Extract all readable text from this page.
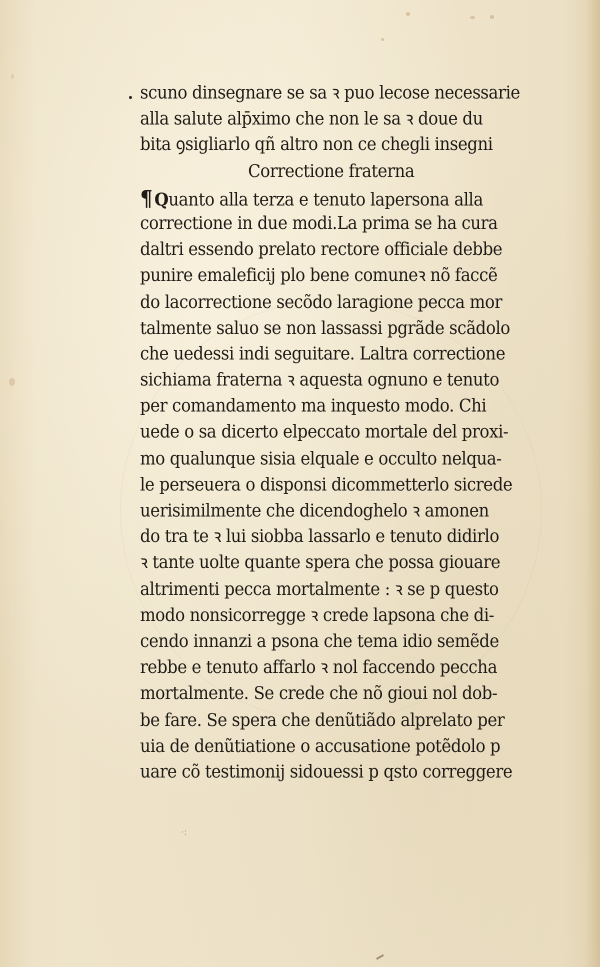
scuno dinsegnare se sa ꝛ puo lecose necessarie
alla salute alp̄ximo che non le sa ꝛ doue du
bita ꝯsigliarlo qñ altro non ce chegli insegni
Correctione fraterna
¶ Quanto alla terza e tenuto lapersona alla
correctione in due modi.La prima se ha cura
daltri essendo prelato rectore officiale debbe
punire emaleficij plo bene comuneꝛ nõ faccẽ
do lacorrectione secõdo laragione pecca mor
talmente saluo se non lassassi pgrãde scãdolo
che uedessi indi seguitare. Laltra correctione
sichiama fraterna ꝛ aquesta ognuno e tenuto
per comandamento ma inquesto modo. Chi
uede o sa dicerto elpeccato mortale del proxi-
mo qualunque sisia elquale e occulto nelqua-
le perseuera o disponsi dicommetterlo sicrede
uerisimilmente che dicendoghelo ꝛ amonen
do tra te ꝛ lui siobba lassarlo e tenuto didirlo
ꝛ tante uolte quante spera che possa giouare
altrimenti pecca mortalmente : ꝛ se p questo
modo nonsicorregge ꝛ crede lapsona che di-
cendo innanzi a psona che tema idio semẽde
rebbe e tenuto affarlo ꝛ nol faccendo peccha
mortalmente. Se crede che nõ gioui nol dob-
be fare. Se spera che denũtiãdo alprelato per
uia de denũtiatione o accusatione potẽdolo p
uare cõ testimonij sidouessi p qsto correggere
·:
